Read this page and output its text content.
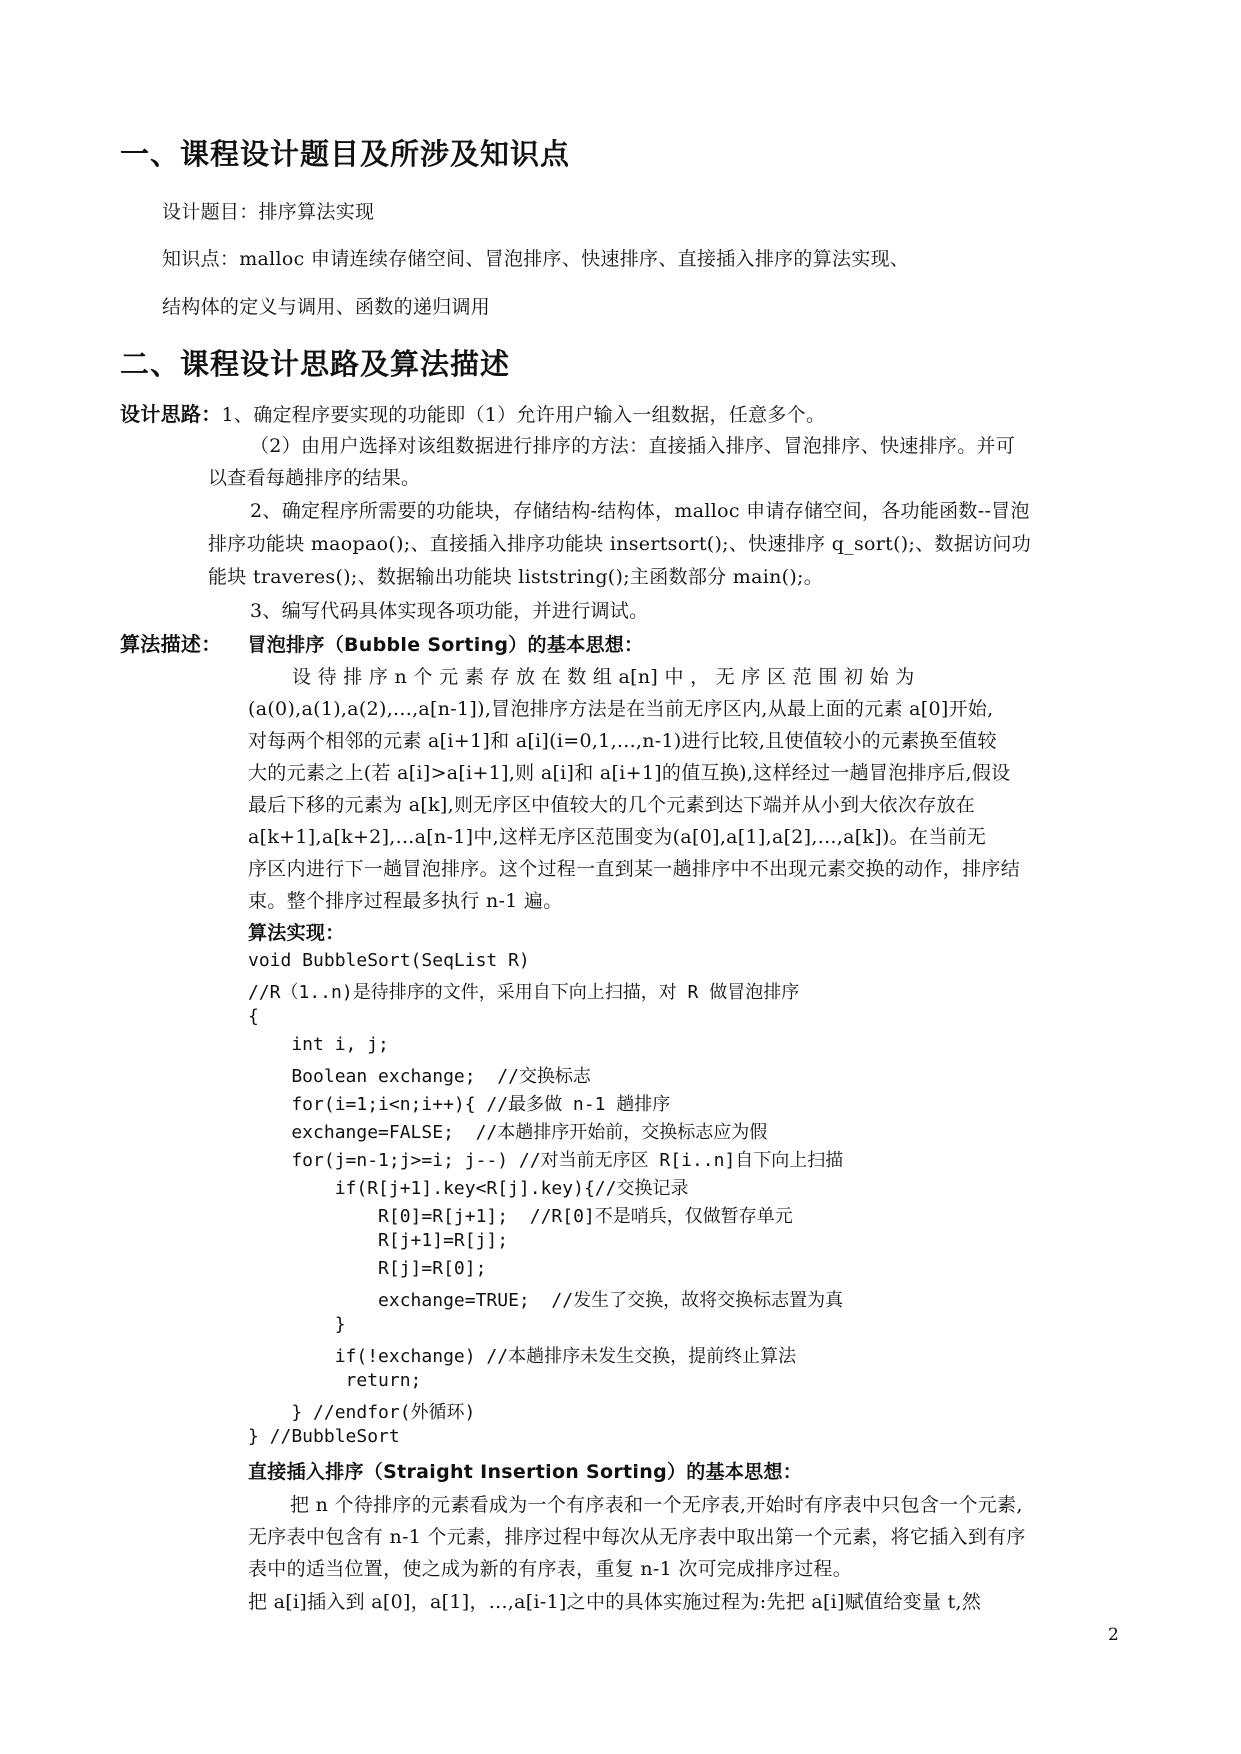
一、课程设计题目及所涉及知识点
设计题目：排序算法实现
知识点：malloc 申请连续存储空间、冒泡排序、快速排序、直接插入排序的算法实现、
结构体的定义与调用、函数的递归调用
二、课程设计思路及算法描述
设计思路：1、确定程序要实现的功能即（1）允许用户输入一组数据，任意多个。
（2）由用户选择对该组数据进行排序的方法：直接插入排序、冒泡排序、快速排序。并可
以查看每趟排序的结果。
2、确定程序所需要的功能块，存储结构-结构体，malloc 申请存储空间，各功能函数--冒泡
排序功能块 maopao();、直接插入排序功能块 insertsort();、快速排序 q_sort();、数据访问功
能块 traveres();、数据输出功能块 liststring();主函数部分 main();。
3、编写代码具体实现各项功能，并进行调试。
算法描述： 冒泡排序（Bubble Sorting）的基本思想：
设 待 排 序 n 个 元 素 存 放 在 数 组 a[n] 中 ， 无 序 区 范 围 初 始 为
(a(0),a(1),a(2),...,a[n-1]),冒泡排序方法是在当前无序区内,从最上面的元素 a[0]开始,
对每两个相邻的元素 a[i+1]和 a[i](i=0,1,...,n-1)进行比较,且使值较小的元素换至值较
大的元素之上(若 a[i]>a[i+1],则 a[i]和 a[i+1]的值互换),这样经过一趟冒泡排序后,假设
最后下移的元素为 a[k],则无序区中值较大的几个元素到达下端并从小到大依次存放在
a[k+1],a[k+2],...a[n-1]中,这样无序区范围变为(a[0],a[1],a[2],...,a[k])。在当前无
序区内进行下一趟冒泡排序。这个过程一直到某一趟排序中不出现元素交换的动作，排序结
束。整个排序过程最多执行 n-1 遍。
算法实现：
void BubbleSort(SeqList R)
//R（1..n)是待排序的文件，采用自下向上扫描，对 R 做冒泡排序
{
int i, j;
Boolean exchange;  //交换标志
for(i=1;i<n;i++){ //最多做 n-1 趟排序
exchange=FALSE;  //本趟排序开始前，交换标志应为假
for(j=n-1;j>=i; j--) //对当前无序区 R[i..n]自下向上扫描
if(R[j+1].key<R[j].key){//交换记录
R[0]=R[j+1];  //R[0]不是哨兵，仅做暂存单元
R[j+1]=R[j];
R[j]=R[0];
exchange=TRUE;  //发生了交换，故将交换标志置为真
}
if(!exchange) //本趟排序未发生交换，提前终止算法
return;
} //endfor(外循环)
} //BubbleSort
直接插入排序（Straight Insertion Sorting）的基本思想：
把 n 个待排序的元素看成为一个有序表和一个无序表,开始时有序表中只包含一个元素,
无序表中包含有 n-1 个元素，排序过程中每次从无序表中取出第一个元素，将它插入到有序
表中的适当位置，使之成为新的有序表，重复 n-1 次可完成排序过程。
把 a[i]插入到 a[0]，a[1]，...,a[i-1]之中的具体实施过程为:先把 a[i]赋值给变量 t,然
2
